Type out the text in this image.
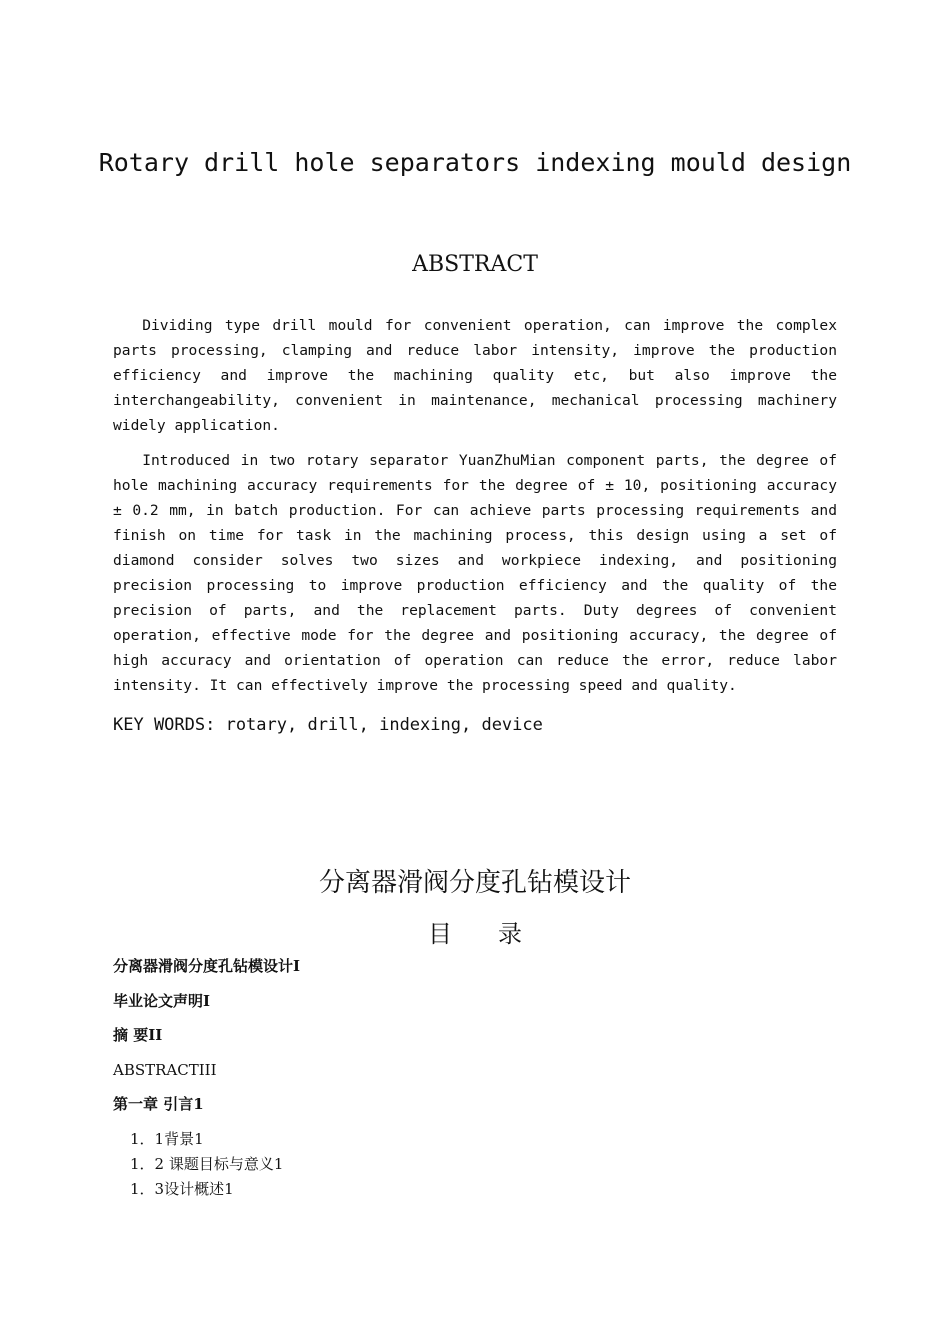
Rotary drill hole separators indexing mould design
ABSTRACT

Dividing type drill mould for convenient operation, can improve the complex parts processing, clamping and reduce labor intensity, improve the production efficiency and improve the machining quality etc, but also improve the interchangeability, convenient in maintenance, mechanical processing machinery widely application.

Introduced in two rotary separator YuanZhuMian component parts, the degree of hole machining accuracy requirements for the degree of ± 10, positioning accuracy ± 0.2 mm, in batch production. For can achieve parts processing requirements and finish on time for task in the machining process, this design using a set of diamond consider solves two sizes and workpiece indexing, and positioning precision processing to improve production efficiency and the quality of the precision of parts, and the replacement parts. Duty degrees of convenient operation, effective mode for the degree and positioning accuracy, the degree of high accuracy and orientation of operation can reduce the error, reduce labor intensity. It can effectively improve the processing speed and quality.

KEY WORDS: rotary, drill, indexing, device
分离器滑阀分度孔钻模设计
目 录
分离器滑阀分度孔钻模设计I
毕业论文声明I
摘 要II
ABSTRACTIII
第一章 引言1
1．1背景1
1．2 课题目标与意义1
1．3设计概述1
